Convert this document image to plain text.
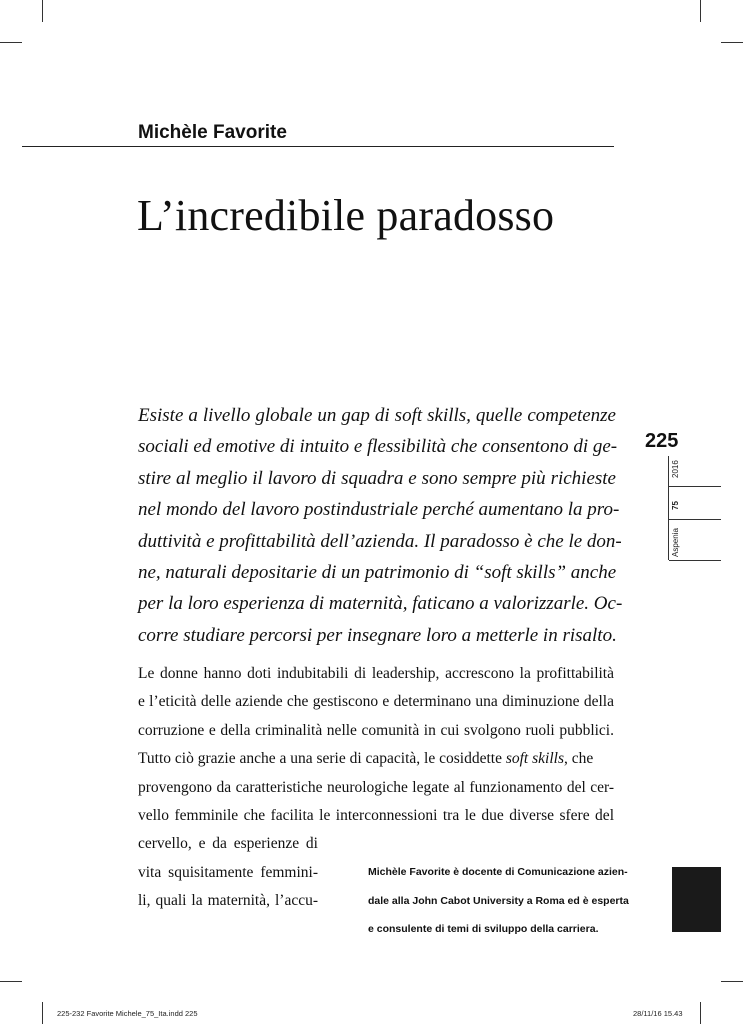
Michèle Favorite
L’incredibile paradosso
Esiste a livello globale un gap di soft skills, quelle competenze
sociali ed emotive di intuito e flessibilità che consentono di ge-
stire al meglio il lavoro di squadra e sono sempre più richieste
nel mondo del lavoro postindustriale perché aumentano la pro-
duttività e profittabilità dell’azienda. Il paradosso è che le don-
ne, naturali depositarie di un patrimonio di “soft skills” anche
per la loro esperienza di maternità, faticano a valorizzarle. Oc-
corre studiare percorsi per insegnare loro a metterle in risalto.
Le donne hanno doti indubitabili di leadership, accrescono la profittabilità
e l’eticità delle aziende che gestiscono e determinano una diminuzione della
corruzione e della criminalità nelle comunità in cui svolgono ruoli pubblici.
Tutto ciò grazie anche a una serie di capacità, le cosiddette soft skills, che
provengono da caratteristiche neurologiche legate al funzionamento del cer-
vello femminile che facilita le interconnessioni tra le due diverse sfere del
cervello, e da esperienze di
vita squisitamente femmini-
li, quali la maternità, l’accu-
Michèle Favorite è docente di Comunicazione azien-
dale alla John Cabot University a Roma ed è esperta
e consulente di temi di sviluppo della carriera.
225
2016
75
Aspenia
225-232 Favorite Michele_75_Ita.indd 225	28/11/16 15.43
